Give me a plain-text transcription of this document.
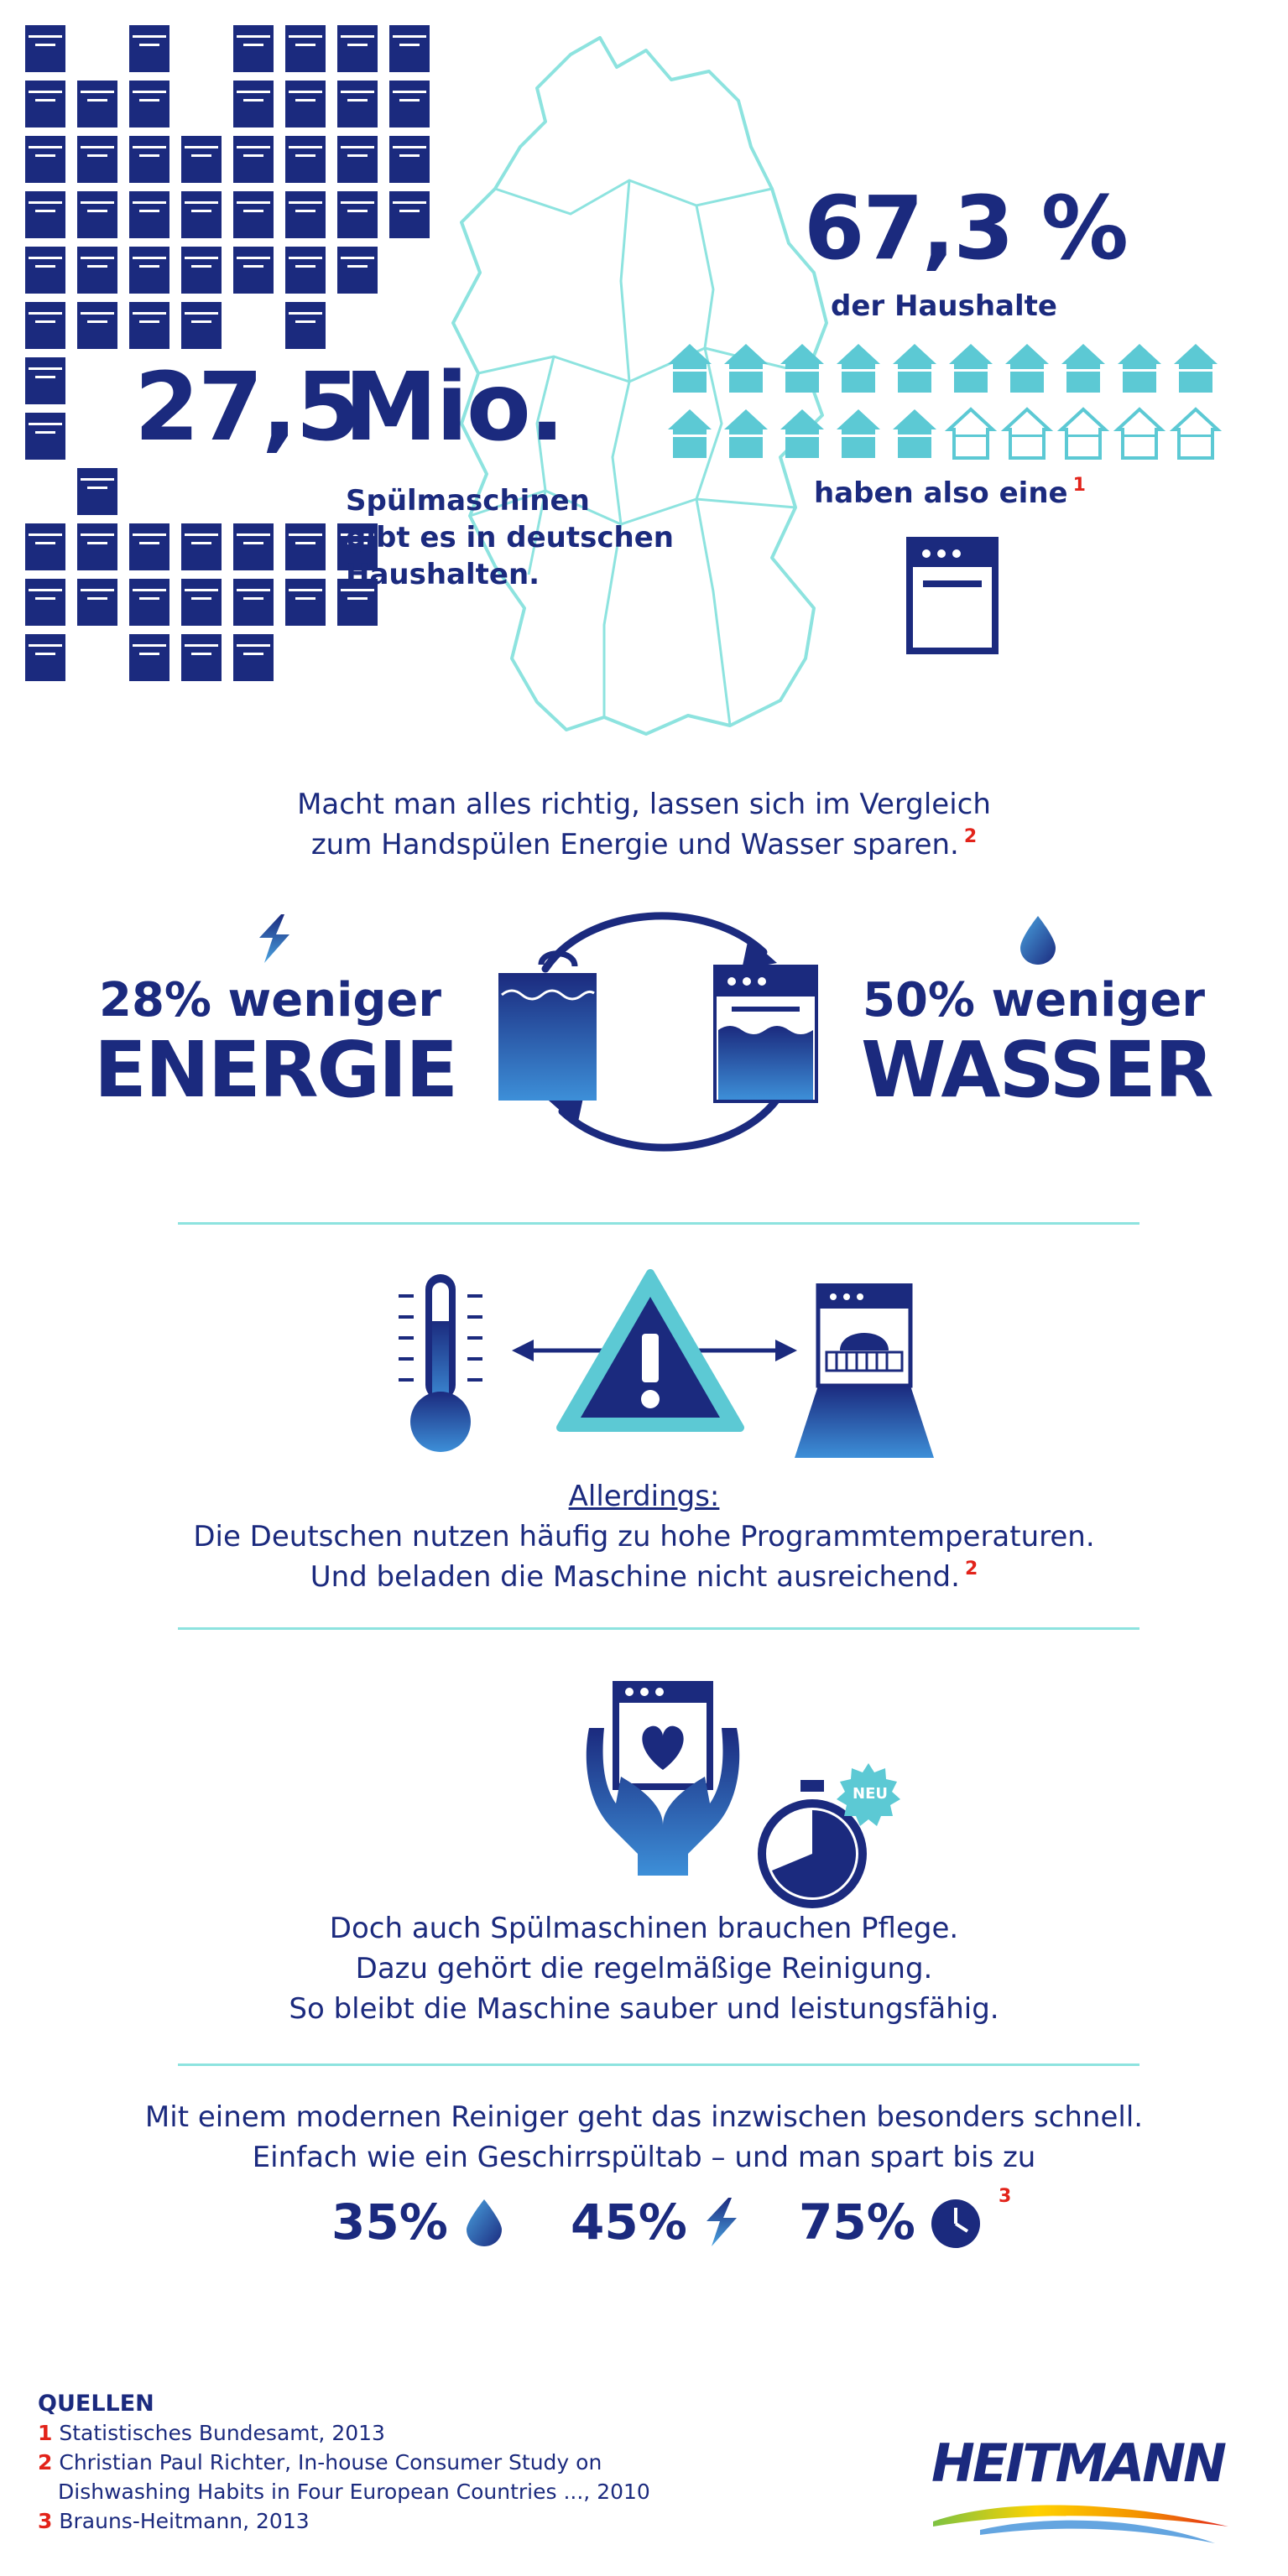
27,5
Mio.
Spülmaschinen
gibt es in deutschen
Haushalten.
67,3 %
der Haushalte
haben also eine $^1$
Macht man alles richtig, lassen sich im Vergleich
zum Handspülen Energie und Wasser sparen. $^2$
28% weniger
ENERGIE
50% weniger
WASSER
Allerdings:
Die Deutschen nutzen häufig zu hohe Programmtemperaturen.
Und beladen die Maschine nicht ausreichend. $^2$
NEU
Doch auch Spülmaschinen brauchen Pflege.
Dazu gehört die regelmäßige Reinigung.
So bleibt die Maschine sauber und leistungsfähig.
Mit einem modernen Reiniger geht das inzwischen besonders schnell.
Einfach wie ein Geschirrspültab – und man spart bis zu
35%	45% 75%	3
QUELLEN
1 Statistisches Bundesamt, 2013
2 Christian Paul Richter, In-house Consumer Study on
Dishwashing Habits in Four European Countries ..., 2010
3 Brauns-Heitmann, 2013
HEITMANN
